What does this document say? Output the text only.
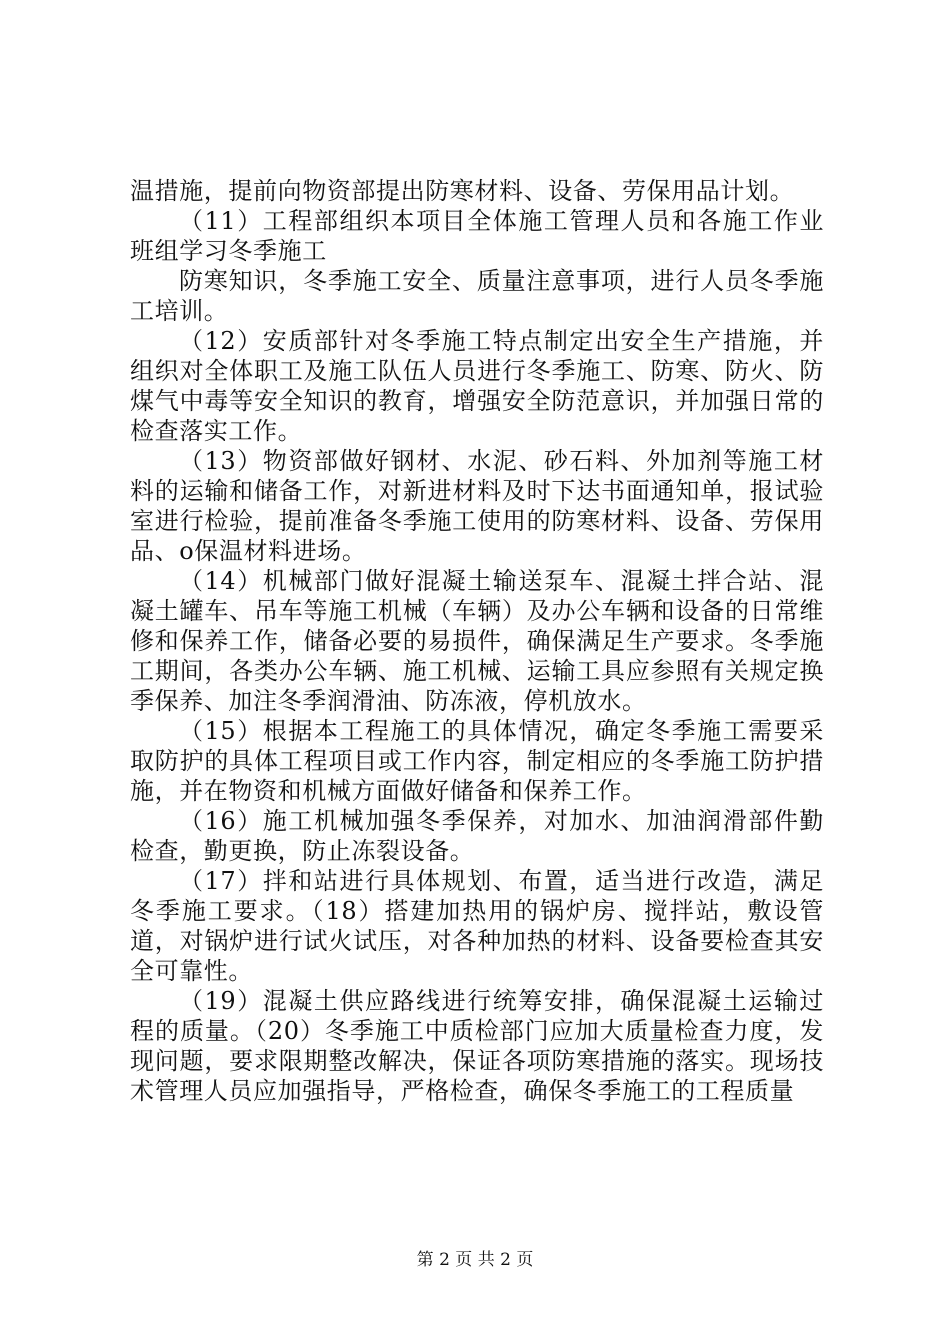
温措施，提前向物资部提出防寒材料、设备、劳保用品计划。

（11）工程部组织本项目全体施工管理人员和各施工作业班组学习冬季施工

防寒知识，冬季施工安全、质量注意事项，进行人员冬季施工培训。

（12）安质部针对冬季施工特点制定出安全生产措施，并组织对全体职工及施工队伍人员进行冬季施工、防寒、防火、防煤气中毒等安全知识的教育，增强安全防范意识，并加强日常的检查落实工作。

（13）物资部做好钢材、水泥、砂石料、外加剂等施工材料的运输和储备工作，对新进材料及时下达书面通知单，报试验室进行检验，提前准备冬季施工使用的防寒材料、设备、劳保用品、o保温材料进场。

（14）机械部门做好混凝土输送泵车、混凝土拌合站、混凝土罐车、吊车等施工机械（车辆）及办公车辆和设备的日常维修和保养工作，储备必要的易损件，确保满足生产要求。冬季施工期间，各类办公车辆、施工机械、运输工具应参照有关规定换季保养、加注冬季润滑油、防冻液，停机放水。

（15）根据本工程施工的具体情况，确定冬季施工需要采取防护的具体工程项目或工作内容，制定相应的冬季施工防护措施，并在物资和机械方面做好储备和保养工作。

（16）施工机械加强冬季保养，对加水、加油润滑部件勤检查，勤更换，防止冻裂设备。

（17）拌和站进行具体规划、布置，适当进行改造，满足冬季施工要求。（18）搭建加热用的锅炉房、搅拌站，敷设管道，对锅炉进行试火试压，对各种加热的材料、设备要检查其安全可靠性。

（19）混凝土供应路线进行统筹安排，确保混凝土运输过程的质量。（20）冬季施工中质检部门应加大质量检查力度，发现问题，要求限期整改解决，保证各项防寒措施的落实。现场技术管理人员应加强指导，严格检查，确保冬季施工的工程质量

第 2 页 共 2 页
